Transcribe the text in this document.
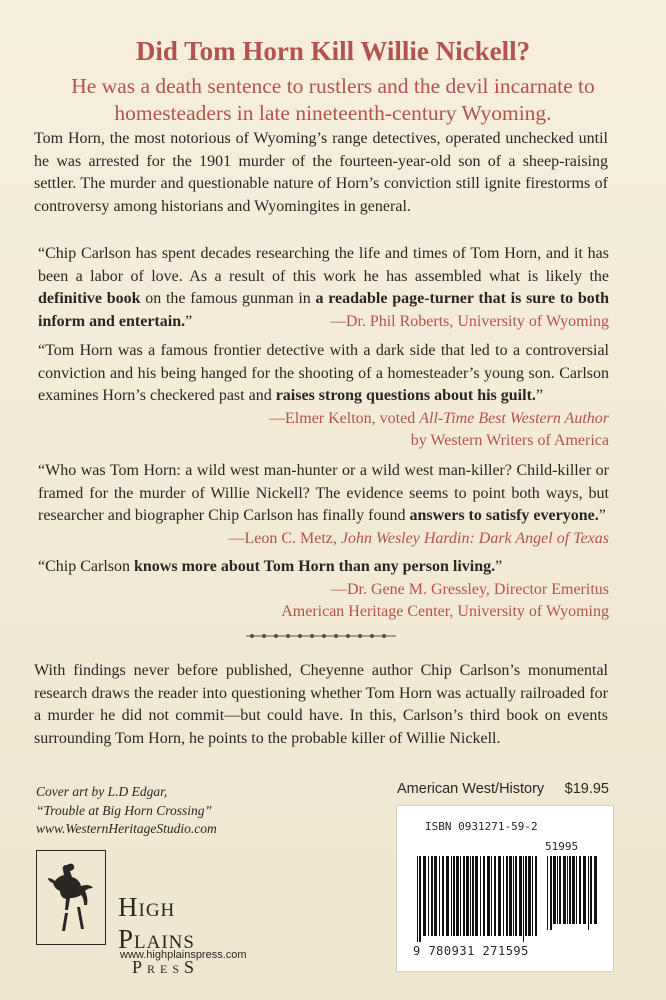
Did Tom Horn Kill Willie Nickell?
He was a death sentence to rustlers and the devil incarnate to homesteaders in late nineteenth-century Wyoming.
Tom Horn, the most notorious of Wyoming’s range detectives, operated unchecked until he was arrested for the 1901 murder of the fourteen-year-old son of a sheep-raising settler. The murder and questionable nature of Horn’s conviction still ignite firestorms of controversy among historians and Wyomingites in general.
“Chip Carlson has spent decades researching the life and times of Tom Horn, and it has been a labor of love. As a result of this work he has assembled what is likely the definitive book on the famous gunman in a readable page-turner that is sure to both inform and entertain.”	—Dr. Phil Roberts, University of Wyoming
“Tom Horn was a famous frontier detective with a dark side that led to a controversial conviction and his being hanged for the shooting of a homesteader’s young son. Carlson examines Horn’s checkered past and raises strong questions about his guilt.”
—Elmer Kelton, voted All-Time Best Western Author
by Western Writers of America
“Who was Tom Horn: a wild west man-hunter or a wild west man-killer? Child-killer or framed for the murder of Willie Nickell? The evidence seems to point both ways, but researcher and biographer Chip Carlson has finally found answers to satisfy everyone.”
—Leon C. Metz, John Wesley Hardin: Dark Angel of Texas
“Chip Carlson knows more about Tom Horn than any person living.”
—Dr. Gene M. Gressley, Director Emeritus
American Heritage Center, University of Wyoming
With findings never before published, Cheyenne author Chip Carlson’s monumental research draws the reader into questioning whether Tom Horn was actually railroaded for a murder he did not commit—but could have. In this, Carlson’s third book on events surrounding Tom Horn, he points to the probable killer of Willie Nickell.
Cover art by L.D Edgar,
“Trouble at Big Horn Crossing”
www.WesternHeritageStudio.com
HIGH PLAINS
PRESS
www.highplainspress.com
American West/History $19.95
ISBN 0931271-59-2
51995
9 780931 271595
